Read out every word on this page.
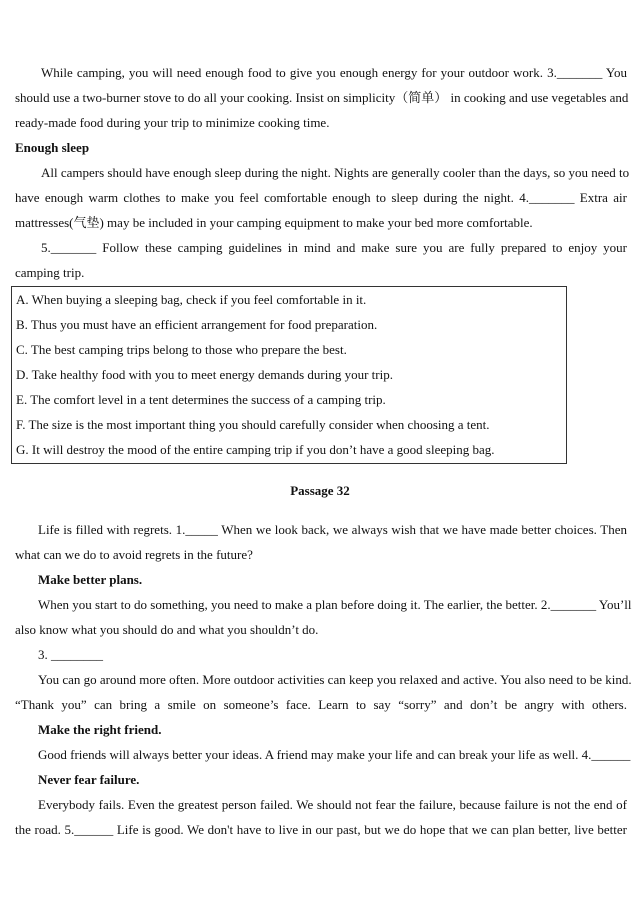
While camping, you will need enough food to give you enough energy for your outdoor work. 3._______ You
should use a two-burner stove to do all your cooking. Insist on simplicity（简单） in cooking and use vegetables and
ready-made food during your trip to minimize cooking time.
Enough sleep
All campers should have enough sleep during the night. Nights are generally cooler than the days, so you need to
have enough warm clothes to make you feel comfortable enough to sleep during the night. 4._______ Extra air
mattresses(气垫) may be included in your camping equipment to make your bed more comfortable.
5._______ Follow these camping guidelines in mind and make sure you are fully prepared to enjoy your
camping trip.
A. When buying a sleeping bag, check if you feel comfortable in it.
B. Thus you must have an efficient arrangement for food preparation.
C. The best camping trips belong to those who prepare the best.
D. Take healthy food with you to meet energy demands during your trip.
E. The comfort level in a tent determines the success of a camping trip.
F. The size is the most important thing you should carefully consider when choosing a tent.
G. It will destroy the mood of the entire camping trip if you don’t have a good sleeping bag.
Passage 32
Life is filled with regrets. 1._____ When we look back, we always wish that we have made better choices. Then
what can we do to avoid regrets in the future?
Make better plans.
When you start to do something, you need to make a plan before doing it. The earlier, the better. 2._______ You’ll
also know what you should do and what you shouldn’t do.
3. ________
You can go around more often. More outdoor activities can keep you relaxed and active. You also need to be kind.
“Thank you” can bring a smile on someone’s face. Learn to say “sorry” and don’t be angry with others.
Make the right friend.
Good friends will always better your ideas. A friend may make your life and can break your life as well. 4.______
Never fear failure.
Everybody fails. Even the greatest person failed. We should not fear the failure, because failure is not the end of
the road. 5.______ Life is good. We don't have to live in our past, but we do hope that we can plan better, live better
